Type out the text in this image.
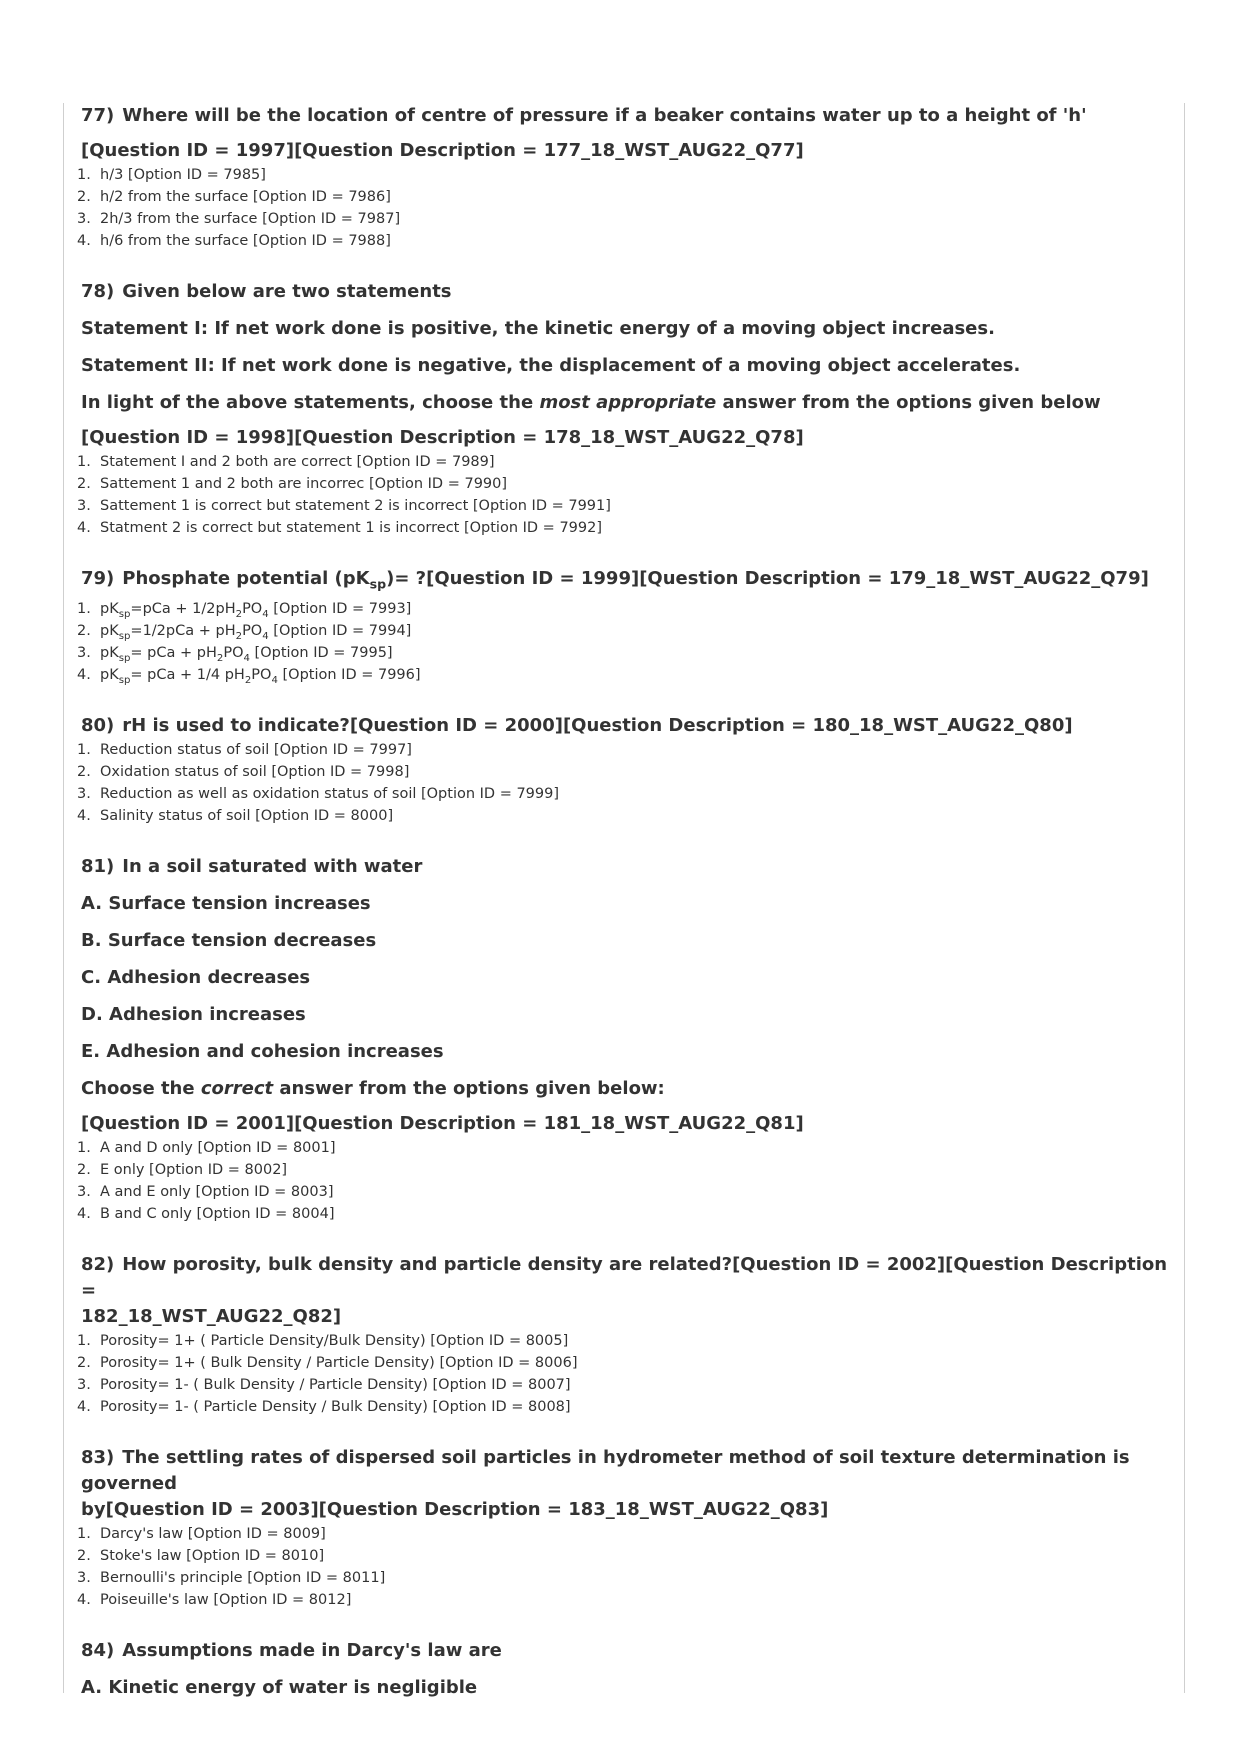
77) Where will be the location of centre of pressure if a beaker contains water up to a height of 'h'

[Question ID = 1997][Question Description = 177_18_WST_AUG22_Q77]
1. h/3 [Option ID = 7985]
2. h/2 from the surface [Option ID = 7986]
3. 2h/3 from the surface [Option ID = 7987]
4. h/6 from the surface [Option ID = 7988]

78) Given below are two statements

Statement I: If net work done is positive, the kinetic energy of a moving object increases.
Statement II: If net work done is negative, the displacement of a moving object accelerates.
In light of the above statements, choose the most appropriate answer from the options given below
[Question ID = 1998][Question Description = 178_18_WST_AUG22_Q78]
1. Statement I and 2 both are correct [Option ID = 7989]
2. Sattement 1 and 2 both are incorrec [Option ID = 7990]
3. Sattement 1 is correct but statement 2 is incorrect [Option ID = 7991]
4. Statment 2 is correct but statement 1 is incorrect [Option ID = 7992]

79) Phosphate potential $(pK_{sp})=$ ?[Question ID = 1999][Question Description = 179_18_WST_AUG22_Q79]

1. $pK_{sp}=pCa + 1/2pH_2PO_4$ [Option ID = 7993]
2. $pK_{sp}=1/2pCa + pH_2PO_4$ [Option ID = 7994]
3. $pK_{sp}=$ pCa + $pH_2PO_4$ [Option ID = 7995]
4. $pK_{sp}=$ pCa + 1/4 $pH_2PO_4$ [Option ID = 7996]

80) rH is used to indicate?[Question ID = 2000][Question Description = 180_18_WST_AUG22_Q80]

1. Reduction status of soil [Option ID = 7997]
2. Oxidation status of soil [Option ID = 7998]
3. Reduction as well as oxidation status of soil [Option ID = 7999]
4. Salinity status of soil [Option ID = 8000]

81) In a soil saturated with water

A. Surface tension increases
B. Surface tension decreases
C. Adhesion decreases
D. Adhesion increases
E. Adhesion and cohesion increases
Choose the correct answer from the options given below:
[Question ID = 2001][Question Description = 181_18_WST_AUG22_Q81]
1. A and D only [Option ID = 8001]
2. E only [Option ID = 8002]
3. A and E only [Option ID = 8003]
4. B and C only [Option ID = 8004]

82) How porosity, bulk density and particle density are related?[Question ID = 2002][Question Description =

182_18_WST_AUG22_Q82]

1. Porosity= 1+ ( Particle Density/Bulk Density) [Option ID = 8005]
2. Porosity= 1+ ( Bulk Density / Particle Density) [Option ID = 8006]
3. Porosity= 1- ( Bulk Density / Particle Density) [Option ID = 8007]
4. Porosity= 1- ( Particle Density / Bulk Density) [Option ID = 8008]

83) The settling rates of dispersed soil particles in hydrometer method of soil texture determination is governed

by[Question ID = 2003][Question Description = 183_18_WST_AUG22_Q83]

1. Darcy's law [Option ID = 8009]
2. Stoke's law [Option ID = 8010]
3. Bernoulli's principle [Option ID = 8011]
4. Poiseuille's law [Option ID = 8012]

84) Assumptions made in Darcy's law are

A. Kinetic energy of water is negligible
